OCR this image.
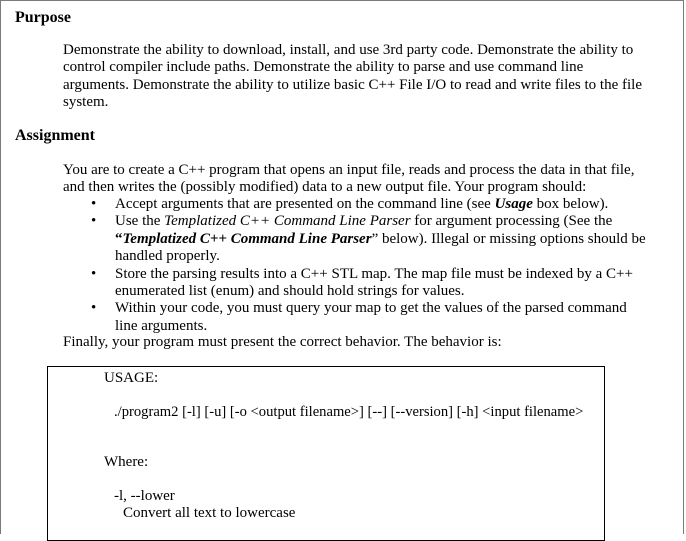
Purpose
Demonstrate the ability to download, install, and use 3rd party code. Demonstrate the ability to
control compiler include paths. Demonstrate the ability to parse and use command line
arguments. Demonstrate the ability to utilize basic C++ File I/O to read and write files to the file
system.
Assignment
You are to create a C++ program that opens an input file, reads and process the data in that file,
and then writes the (possibly modified) data to a new output file. Your program should:
• Accept arguments that are presented on the command line (see Usage box below).
• Use the Templatized C++ Command Line Parser for argument processing (See the
“Templatized C++ Command Line Parser” below). Illegal or missing options should be
handled properly.
• Store the parsing results into a C++ STL map. The map file must be indexed by a C++
enumerated list (enum) and should hold strings for values.
• Within your code, you must query your map to get the values of the parsed command
line arguments.
Finally, your program must present the correct behavior. The behavior is:
USAGE:
./program2 [-l] [-u] [-o <output filename>] [--] [--version] [-h] <input filename>
Where:
-l, --lower
Convert all text to lowercase
